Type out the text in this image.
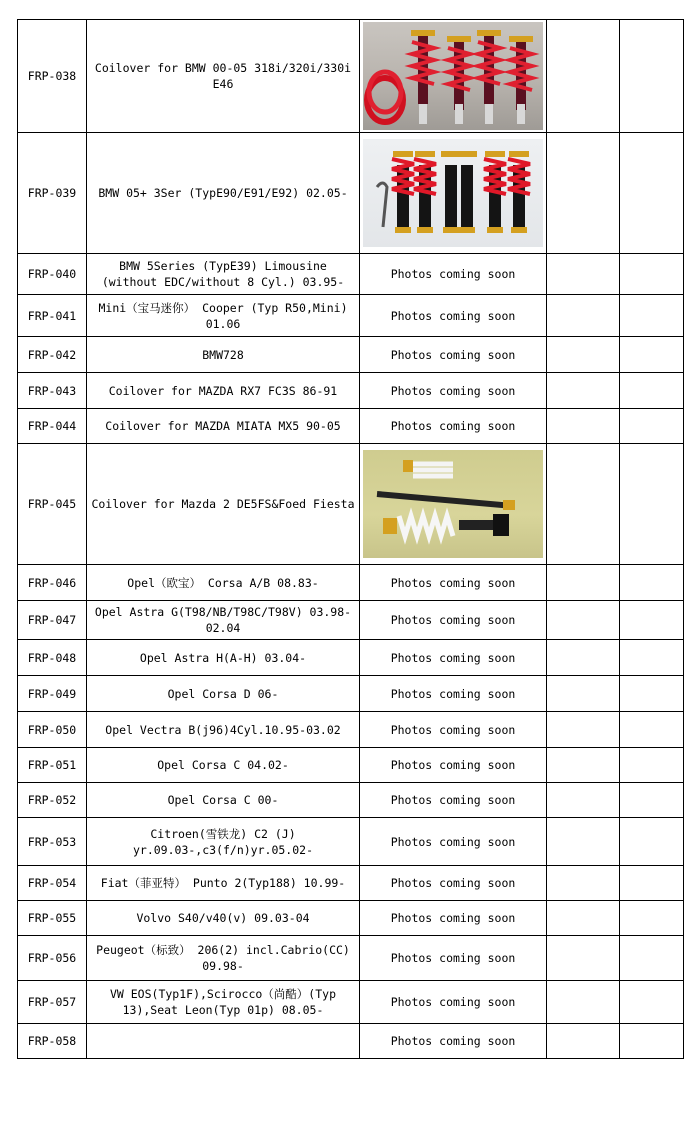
FRP-038	Coilover for BMW 00-05 318i/320i/330i E46	

FRP-039	BMW 05+ 3Ser (TypE90/E91/E92) 02.05-	

FRP-040	BMW 5Series (TypE39) Limousine (without EDC/without 8 Cyl.) 03.95-	Photos coming soon		
FRP-041	Mini（宝马迷你） Cooper (Typ R50,Mini) 01.06	Photos coming soon		
FRP-042	BMW728	Photos coming soon		
FRP-043	Coilover for MAZDA RX7 FC3S 86-91	Photos coming soon		
FRP-044	Coilover for MAZDA MIATA MX5 90-05	Photos coming soon		
FRP-045	Coilover for Mazda 2 DE5FS&Foed Fiesta	

FRP-046	Opel（欧宝） Corsa A/B 08.83-	Photos coming soon		
FRP-047	Opel Astra G(T98/NB/T98C/T98V) 03.98-02.04	Photos coming soon		
FRP-048	Opel Astra H(A-H) 03.04-	Photos coming soon		
FRP-049	Opel Corsa D 06-	Photos coming soon		
FRP-050	Opel Vectra B(j96)4Cyl.10.95-03.02	Photos coming soon		
FRP-051	Opel Corsa C 04.02-	Photos coming soon		
FRP-052	Opel Corsa C 00-	Photos coming soon		
FRP-053	Citroen(雪铁龙) C2 (J) yr.09.03-,c3(f/n)yr.05.02-	Photos coming soon		
FRP-054	Fiat（菲亚特） Punto 2(Typ188) 10.99-	Photos coming soon		
FRP-055	Volvo S40/v40(v) 09.03-04	Photos coming soon		
FRP-056	Peugeot（标致） 206(2) incl.Cabrio(CC) 09.98-	Photos coming soon		
FRP-057	VW EOS(Typ1F),Scirocco（尚酷）(Typ 13),Seat Leon(Typ 01p) 08.05-	Photos coming soon		
FRP-058		Photos coming soon		
